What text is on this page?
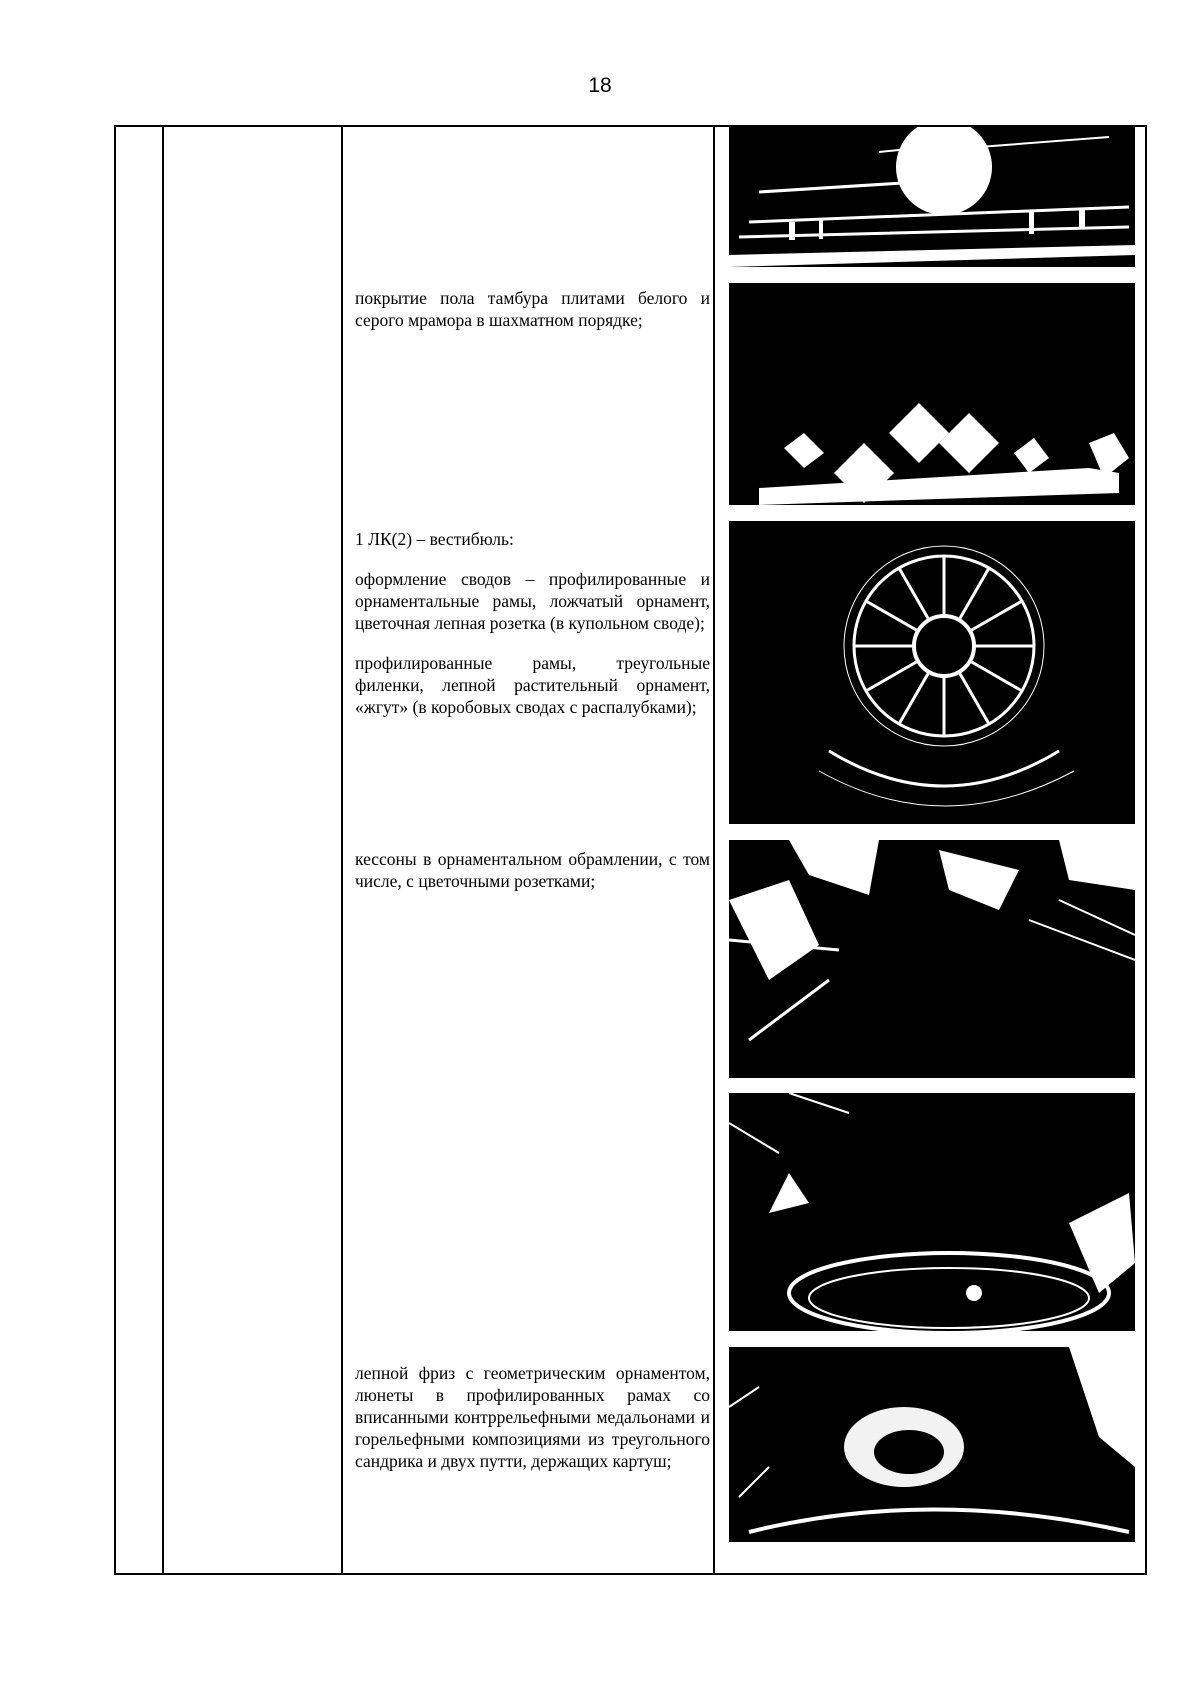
18

покрытие пола тамбура плитами белого и серого мрамора в шахматном порядке;

1 ЛК(2) – вестибюль:

оформление сводов – профилированные и орнаментальные рамы, ложчатый орнамент, цветочная лепная розетка (в купольном своде);

профилированные рамы, треугольные филенки, лепной растительный орнамент, «жгут» (в коробовых сводах с распалубками);

кессоны в орнаментальном обрамлении, с том числе, с цветочными розетками;

лепной фриз с геометрическим орнаментом, люнеты в профилированных рамах со вписанными контррельефными медальонами и горельефными композициями из треугольного сандрика и двух путти, держащих картуш;
